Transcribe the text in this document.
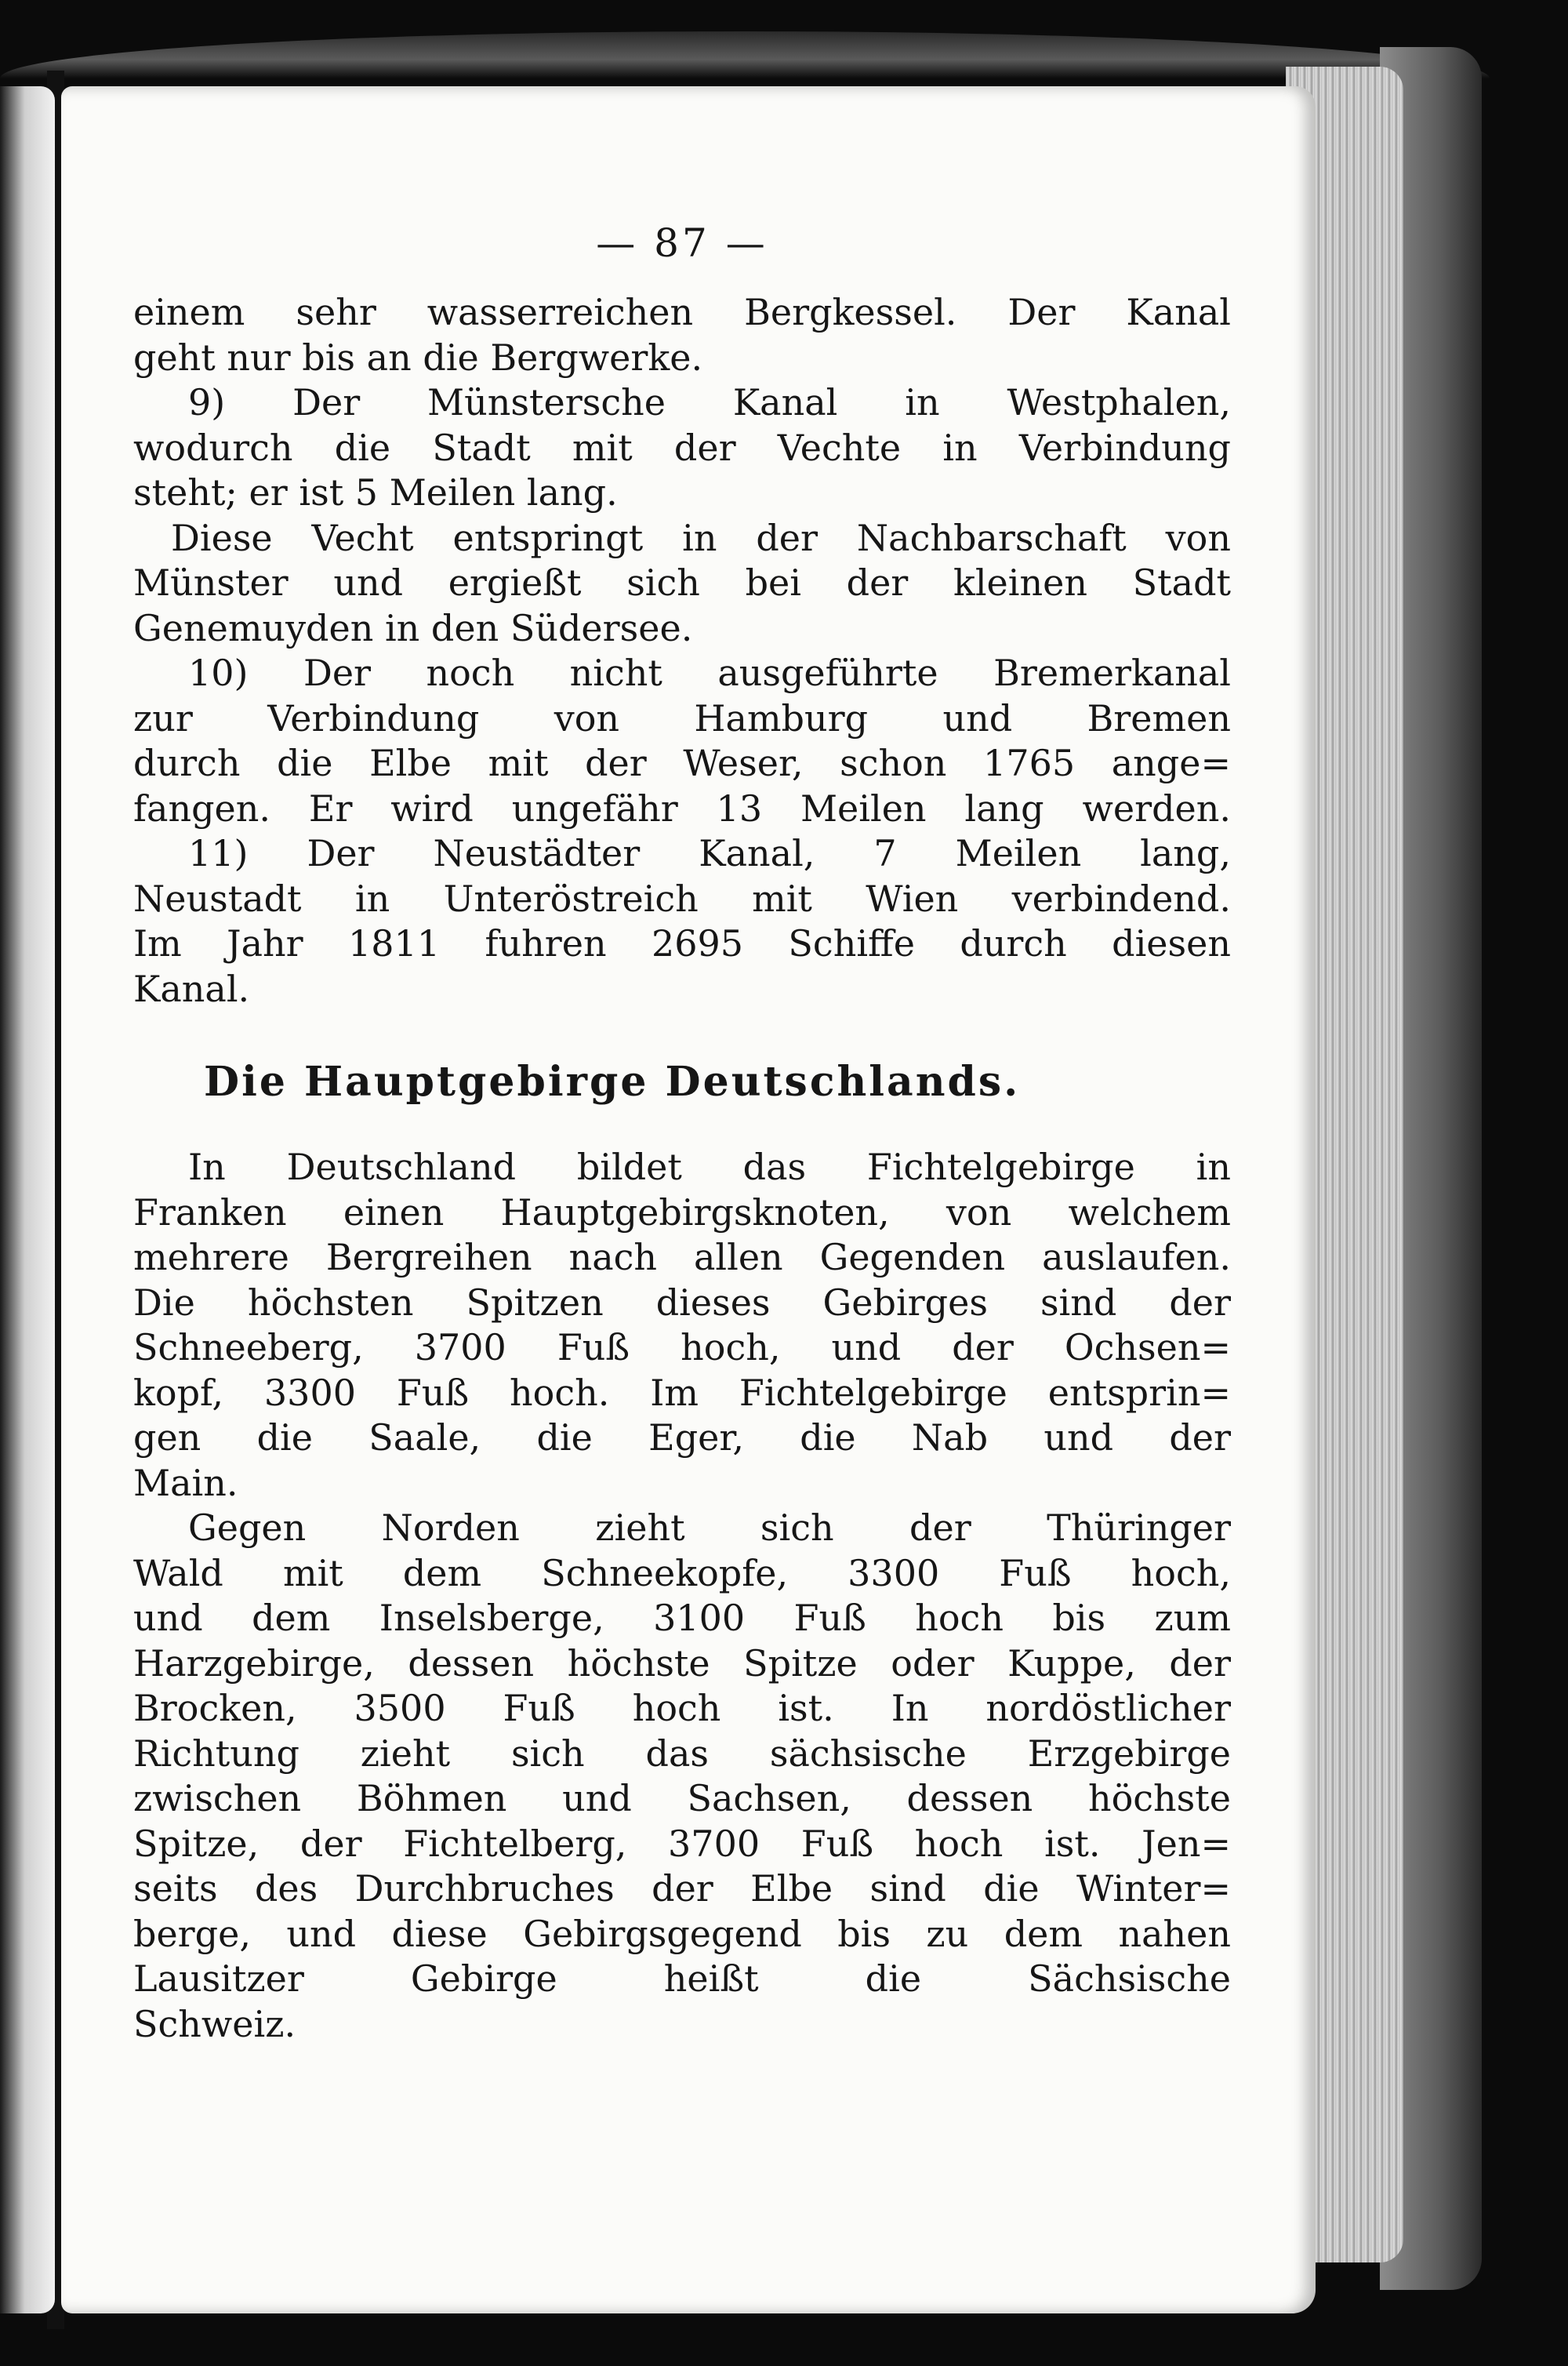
— 87 —
einem sehr wasserreichen Bergkessel. Der Kanal
geht nur bis an die Bergwerke.
9) Der Münstersche Kanal in Westphalen,
wodurch die Stadt mit der Vechte in Verbindung
steht; er ist 5 Meilen lang.
Diese Vecht entspringt in der Nachbarschaft von
Münster und ergießt sich bei der kleinen Stadt
Genemuyden in den Südersee.
10) Der noch nicht ausgeführte Bremerkanal
zur Verbindung von Hamburg und Bremen
durch die Elbe mit der Weser, schon 1765 ange=
fangen. Er wird ungefähr 13 Meilen lang werden.
11) Der Neustädter Kanal, 7 Meilen lang,
Neustadt in Unteröstreich mit Wien verbindend.
Im Jahr 1811 fuhren 2695 Schiffe durch diesen
Kanal.
Die Hauptgebirge Deutschlands.
In Deutschland bildet das Fichtelgebirge in
Franken einen Hauptgebirgsknoten, von welchem
mehrere Bergreihen nach allen Gegenden auslaufen.
Die höchsten Spitzen dieses Gebirges sind der
Schneeberg, 3700 Fuß hoch, und der Ochsen=
kopf, 3300 Fuß hoch. Im Fichtelgebirge entsprin=
gen die Saale, die Eger, die Nab und der
Main.
Gegen Norden zieht sich der Thüringer
Wald mit dem Schneekopfe, 3300 Fuß hoch,
und dem Inselsberge, 3100 Fuß hoch bis zum
Harzgebirge, dessen höchste Spitze oder Kuppe, der
Brocken, 3500 Fuß hoch ist. In nordöstlicher
Richtung zieht sich das sächsische Erzgebirge
zwischen Böhmen und Sachsen, dessen höchste
Spitze, der Fichtelberg, 3700 Fuß hoch ist. Jen=
seits des Durchbruches der Elbe sind die Winter=
berge, und diese Gebirgsgegend bis zu dem nahen
Lausitzer Gebirge heißt die Sächsische
Schweiz.
